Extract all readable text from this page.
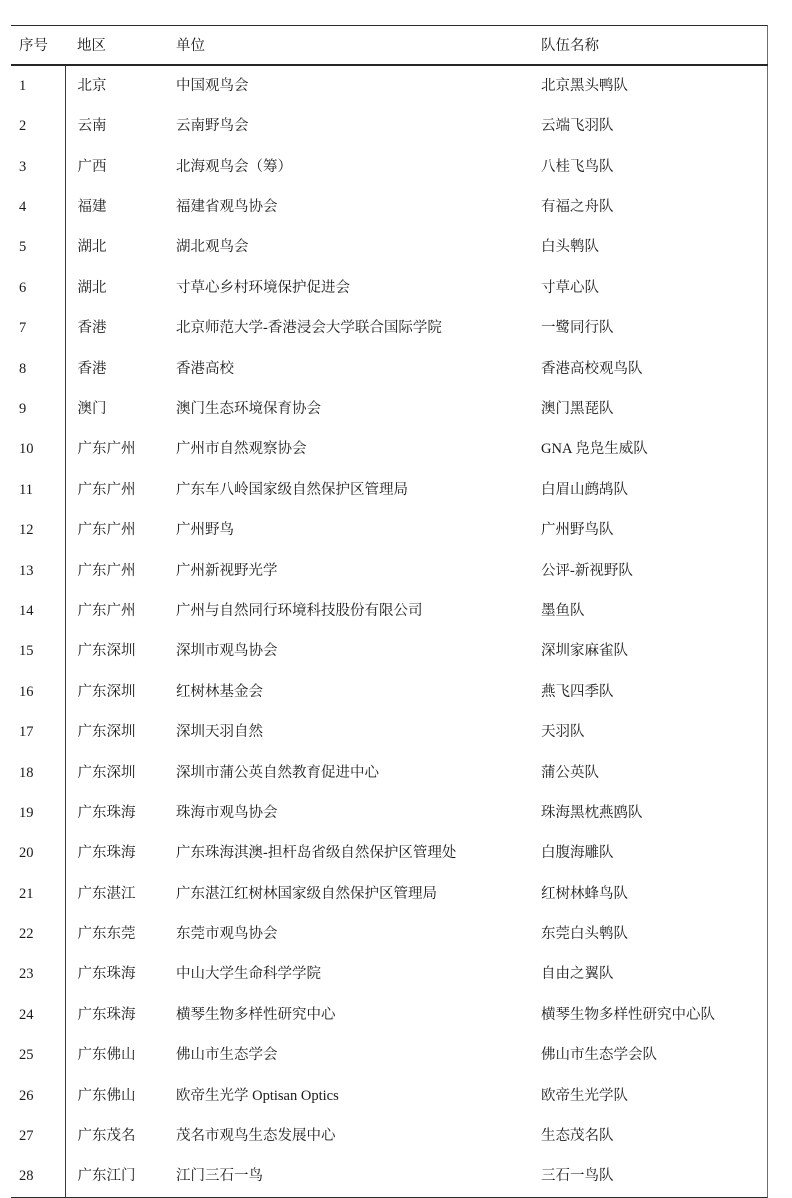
序号	地区	单位	队伍名称
1	北京	中国观鸟会	北京黑头鸭队
2	云南	云南野鸟会	云端飞羽队
3	广西	北海观鸟会（筹）	八桂飞鸟队
4	福建	福建省观鸟协会	有福之舟队
5	湖北	湖北观鸟会	白头鹎队
6	湖北	寸草心乡村环境保护促进会	寸草心队
7	香港	北京师范大学-香港浸会大学联合国际学院	一鹭同行队
8	香港	香港高校	香港高校观鸟队
9	澳门	澳门生态环境保育协会	澳门黑琵队
10	广东广州	广州市自然观察协会	GNA 凫凫生威队
11	广东广州	广东车八岭国家级自然保护区管理局	白眉山鹧鸪队
12	广东广州	广州野鸟	广州野鸟队
13	广东广州	广州新视野光学	公评-新视野队
14	广东广州	广州与自然同行环境科技股份有限公司	墨鱼队
15	广东深圳	深圳市观鸟协会	深圳家麻雀队
16	广东深圳	红树林基金会	燕飞四季队
17	广东深圳	深圳天羽自然	天羽队
18	广东深圳	深圳市蒲公英自然教育促进中心	蒲公英队
19	广东珠海	珠海市观鸟协会	珠海黑枕燕鸥队
20	广东珠海	广东珠海淇澳-担杆岛省级自然保护区管理处	白腹海雕队
21	广东湛江	广东湛江红树林国家级自然保护区管理局	红树林蜂鸟队
22	广东东莞	东莞市观鸟协会	东莞白头鹎队
23	广东珠海	中山大学生命科学学院	自由之翼队
24	广东珠海	横琴生物多样性研究中心	横琴生物多样性研究中心队
25	广东佛山	佛山市生态学会	佛山市生态学会队
26	广东佛山	欧帝生光学 Optisan Optics	欧帝生光学队
27	广东茂名	茂名市观鸟生态发展中心	生态茂名队
28	广东江门	江门三石一鸟	三石一鸟队
